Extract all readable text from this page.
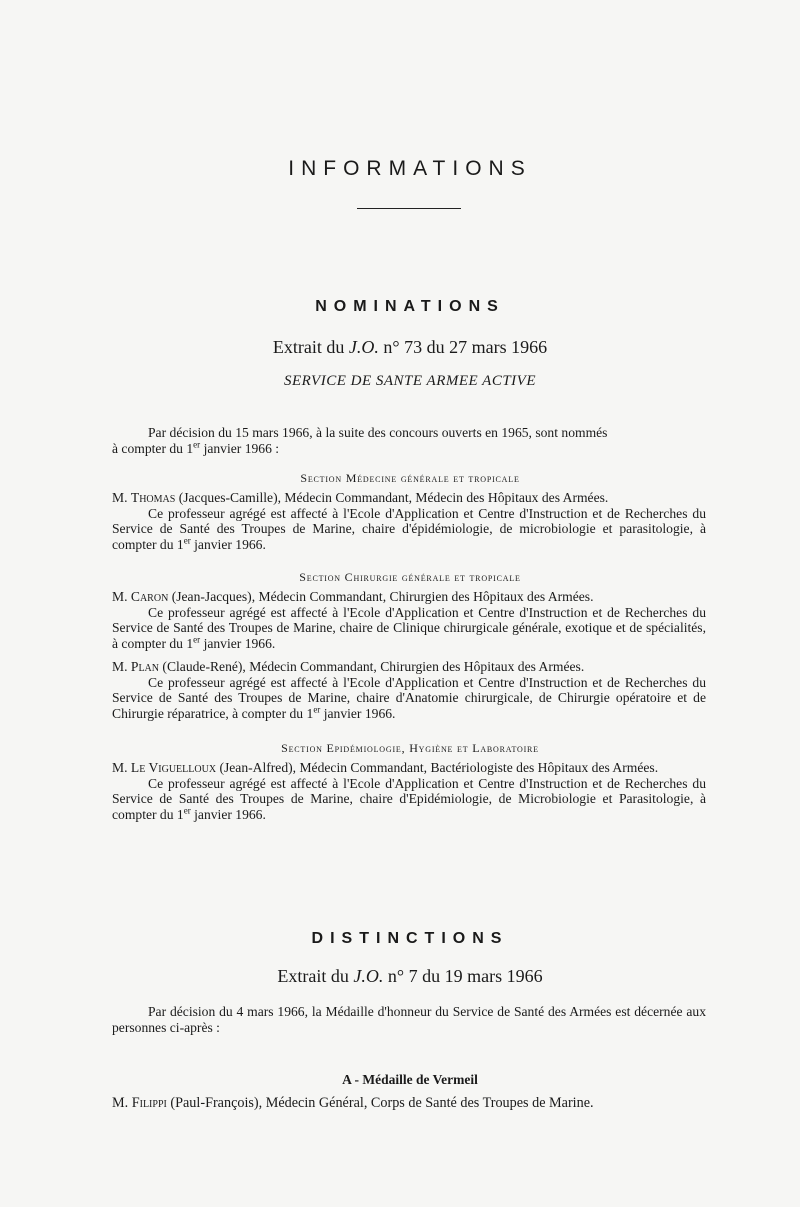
INFORMATIONS
NOMINATIONS
Extrait du J.O. n° 73 du 27 mars 1966
SERVICE DE SANTE ARMEE ACTIVE
Par décision du 15 mars 1966, à la suite des concours ouverts en 1965, sont nommés
à compter du 1er janvier 1966 :
Section Médecine générale et tropicale
M. Thomas (Jacques-Camille), Médecin Commandant, Médecin des Hôpitaux des Armées.
Ce professeur agrégé est affecté à l'Ecole d'Application et Centre d'Instruction et de Recherches du Service de Santé des Troupes de Marine, chaire d'épidémiologie, de microbiologie et parasitologie, à compter du 1er janvier 1966.
Section Chirurgie générale et tropicale
M. Caron (Jean-Jacques), Médecin Commandant, Chirurgien des Hôpitaux des Armées.
Ce professeur agrégé est affecté à l'Ecole d'Application et Centre d'Instruction et de Recherches du Service de Santé des Troupes de Marine, chaire de Clinique chirurgicale générale, exotique et de spécialités, à compter du 1er janvier 1966.
M. Plan (Claude-René), Médecin Commandant, Chirurgien des Hôpitaux des Armées.
Ce professeur agrégé est affecté à l'Ecole d'Application et Centre d'Instruction et de Recherches du Service de Santé des Troupes de Marine, chaire d'Anatomie chirurgicale, de Chirurgie opératoire et de Chirurgie réparatrice, à compter du 1er janvier 1966.
Section Epidémiologie, Hygiène et Laboratoire
M. Le Viguelloux (Jean-Alfred), Médecin Commandant, Bactériologiste des Hôpitaux des Armées.
Ce professeur agrégé est affecté à l'Ecole d'Application et Centre d'Instruction et de Recherches du Service de Santé des Troupes de Marine, chaire d'Epidémiologie, de Microbiologie et Parasitologie, à compter du 1er janvier 1966.
DISTINCTIONS
Extrait du J.O. n° 7 du 19 mars 1966
Par décision du 4 mars 1966, la Médaille d'honneur du Service de Santé des Armées est décernée aux personnes ci-après :
A - Médaille de Vermeil
M. Filippi (Paul-François), Médecin Général, Corps de Santé des Troupes de Marine.
